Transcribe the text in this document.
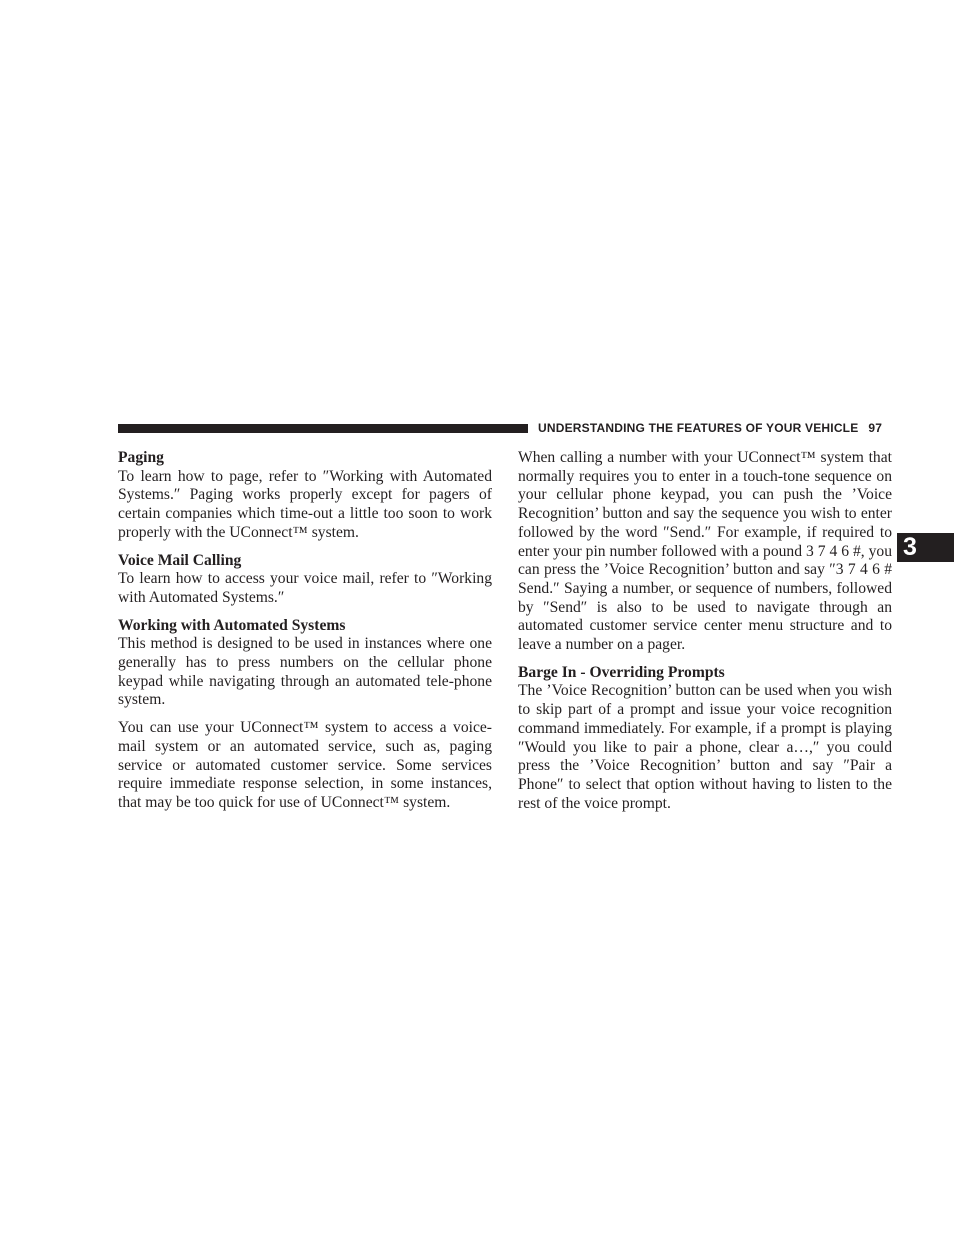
UNDERSTANDING THE FEATURES OF YOUR VEHICLE 97
3
Paging

To learn how to page, refer to ″Working with Automated Systems.″ Paging works properly except for pagers of certain companies which time-out a little too soon to work properly with the UConnect™ system.

Voice Mail Calling

To learn how to access your voice mail, refer to ″Working with Automated Systems.″

Working with Automated Systems

This method is designed to be used in instances where one generally has to press numbers on the cellular phone keypad while navigating through an automated tele-phone system.

You can use your UConnect™ system to access a voice-mail system or an automated service, such as, paging service or automated customer service. Some services require immediate response selection, in some instances, that may be too quick for use of UConnect™ system.

When calling a number with your UConnect™ system that normally requires you to enter in a touch-tone sequence on your cellular phone keypad, you can push the ’Voice Recognition’ button and say the sequence you wish to enter followed by the word ″Send.″ For example, if required to enter your pin number followed with a pound 3 7 4 6 #, you can press the ’Voice Recognition’ button and say ″3 7 4 6 # Send.″ Saying a number, or sequence of numbers, followed by ″Send″ is also to be used to navigate through an automated customer service center menu structure and to leave a number on a pager.

Barge In - Overriding Prompts

The ’Voice Recognition’ button can be used when you wish to skip part of a prompt and issue your voice recognition command immediately. For example, if a prompt is playing ″Would you like to pair a phone, clear a…,″ you could press the ’Voice Recognition’ button and say ″Pair a Phone″ to select that option without having to listen to the rest of the voice prompt.
